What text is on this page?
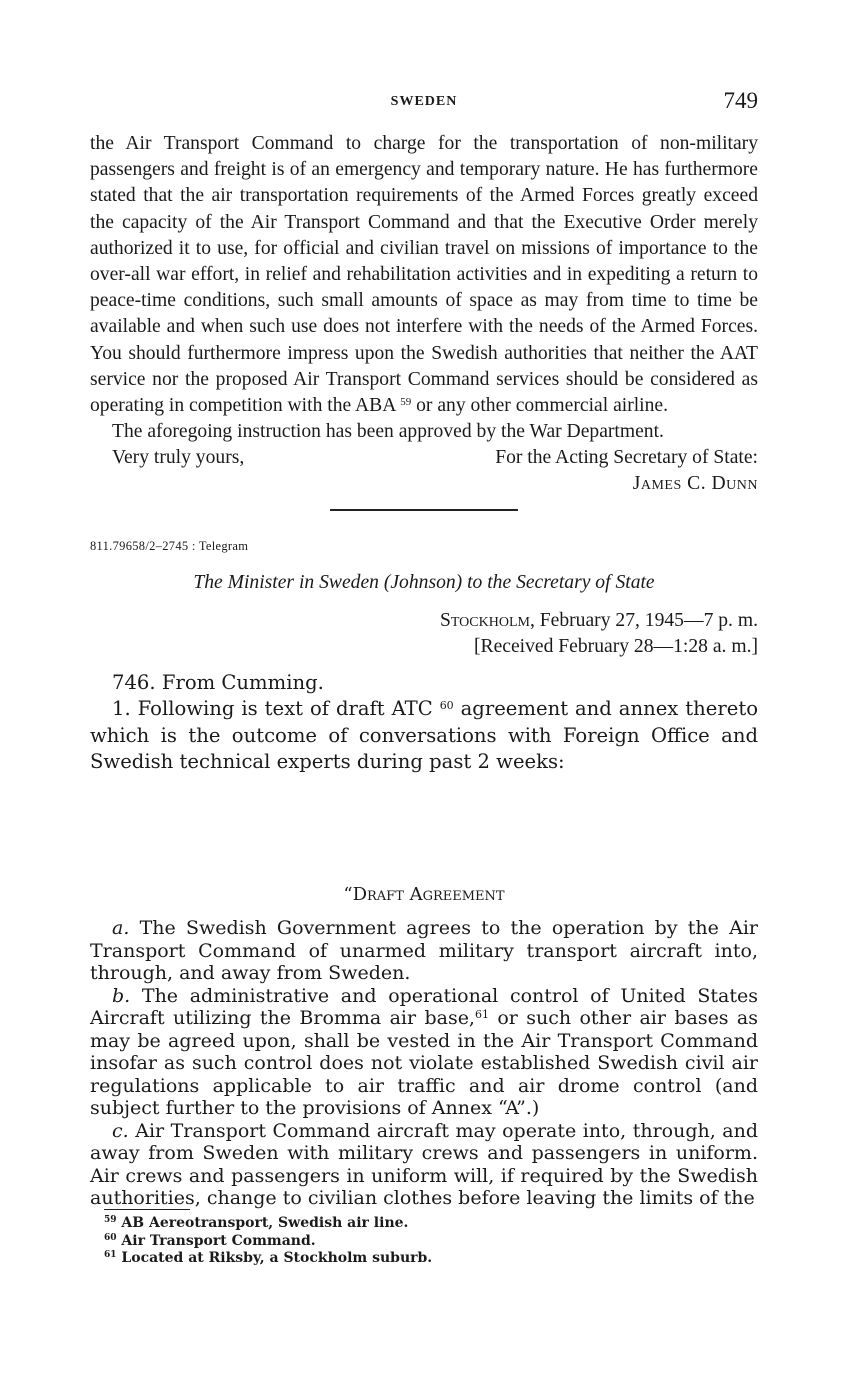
SWEDEN	749

the Air Transport Command to charge for the transportation of non-military passengers and freight is of an emergency and temporary nature. He has furthermore stated that the air transportation requirements of the Armed Forces greatly exceed the capacity of the Air Transport Command and that the Executive Order merely authorized it to use, for official and civilian travel on missions of importance to the over-all war effort, in relief and rehabilitation activities and in expediting a return to peace-time conditions, such small amounts of space as may from time to time be available and when such use does not interfere with the needs of the Armed Forces. You should furthermore impress upon the Swedish authorities that neither the AAT service nor the proposed Air Transport Command services should be considered as operating in competition with the ABA $^{59}$ or any other commercial airline.

The aforegoing instruction has been approved by the War Department.

Very truly yours,	For the Acting Secretary of State:
James C. Dunn
811.79658/2–2745 : Telegram
The Minister in Sweden (Johnson) to the Secretary of State
Stockholm, February 27, 1945—7 p. m.
[Received February 28—1:28 a. m.]

746. From Cumming.

1. Following is text of draft ATC $^{60}$ agreement and annex thereto which is the outcome of conversations with Foreign Office and Swedish technical experts during past 2 weeks:

“Draft Agreement

a. The Swedish Government agrees to the operation by the Air Transport Command of unarmed military transport aircraft into, through, and away from Sweden.

b. The administrative and operational control of United States Aircraft utilizing the Bromma air base,$^{61}$ or such other air bases as may be agreed upon, shall be vested in the Air Transport Command insofar as such control does not violate established Swedish civil air regulations applicable to air traffic and air drome control (and subject further to the provisions of Annex “A”.)

c. Air Transport Command aircraft may operate into, through, and away from Sweden with military crews and passengers in uniform. Air crews and passengers in uniform will, if required by the Swedish authorities, change to civilian clothes before leaving the limits of the

$^{59}$ AB Aereotransport, Swedish air line.
$^{60}$ Air Transport Command.
$^{61}$ Located at Riksby, a Stockholm suburb.
